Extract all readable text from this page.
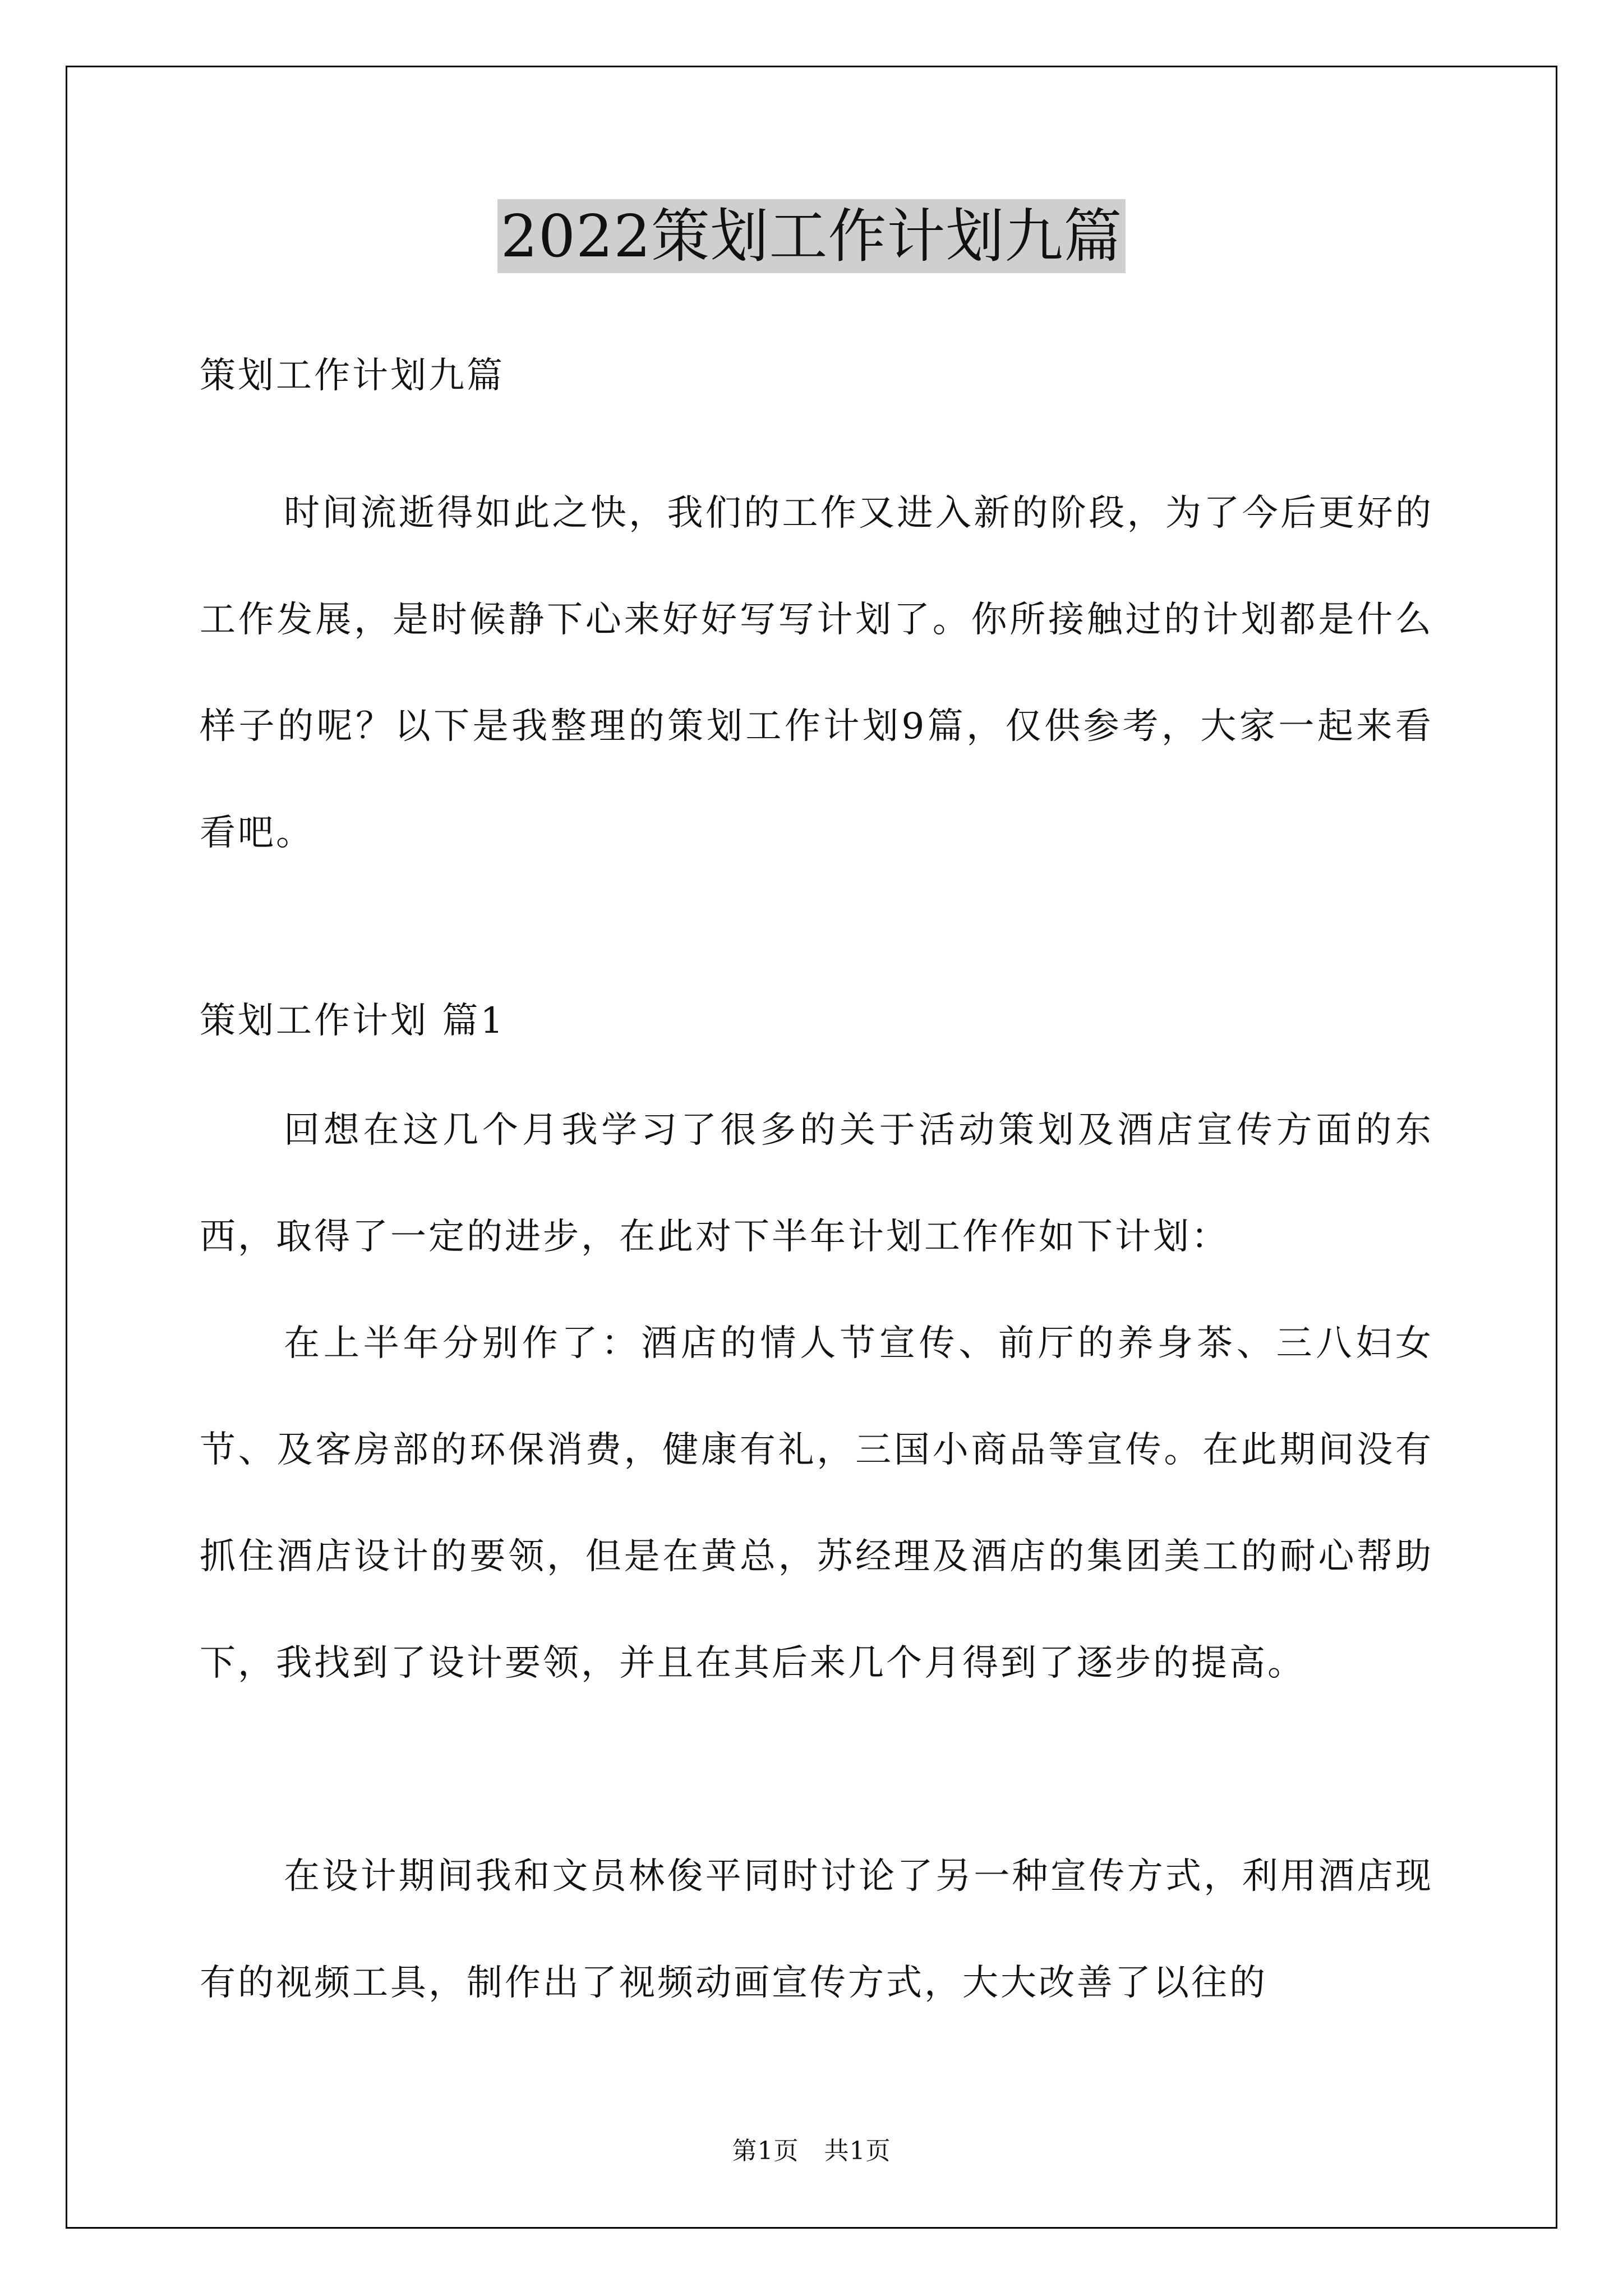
2022策划工作计划九篇
策划工作计划九篇
时间流逝得如此之快，我们的工作又进入新的阶段，为了今后更好的工作发展，是时候静下心来好好写写计划了。你所接触过的计划都是什么样子的呢？以下是我整理的策划工作计划9篇，仅供参考，大家一起来看看吧。
策划工作计划 篇1
回想在这几个月我学习了很多的关于活动策划及酒店宣传方面的东西，取得了一定的进步，在此对下半年计划工作作如下计划：
在上半年分别作了：酒店的情人节宣传、前厅的养身茶、三八妇女节、及客房部的环保消费，健康有礼，三国小商品等宣传。在此期间没有抓住酒店设计的要领，但是在黄总，苏经理及酒店的集团美工的耐心帮助下，我找到了设计要领，并且在其后来几个月得到了逐步的提高。
在设计期间我和文员林俊平同时讨论了另一种宣传方式，利用酒店现有的视频工具，制作出了视频动画宣传方式，大大改善了以往的
第1页 共1页
